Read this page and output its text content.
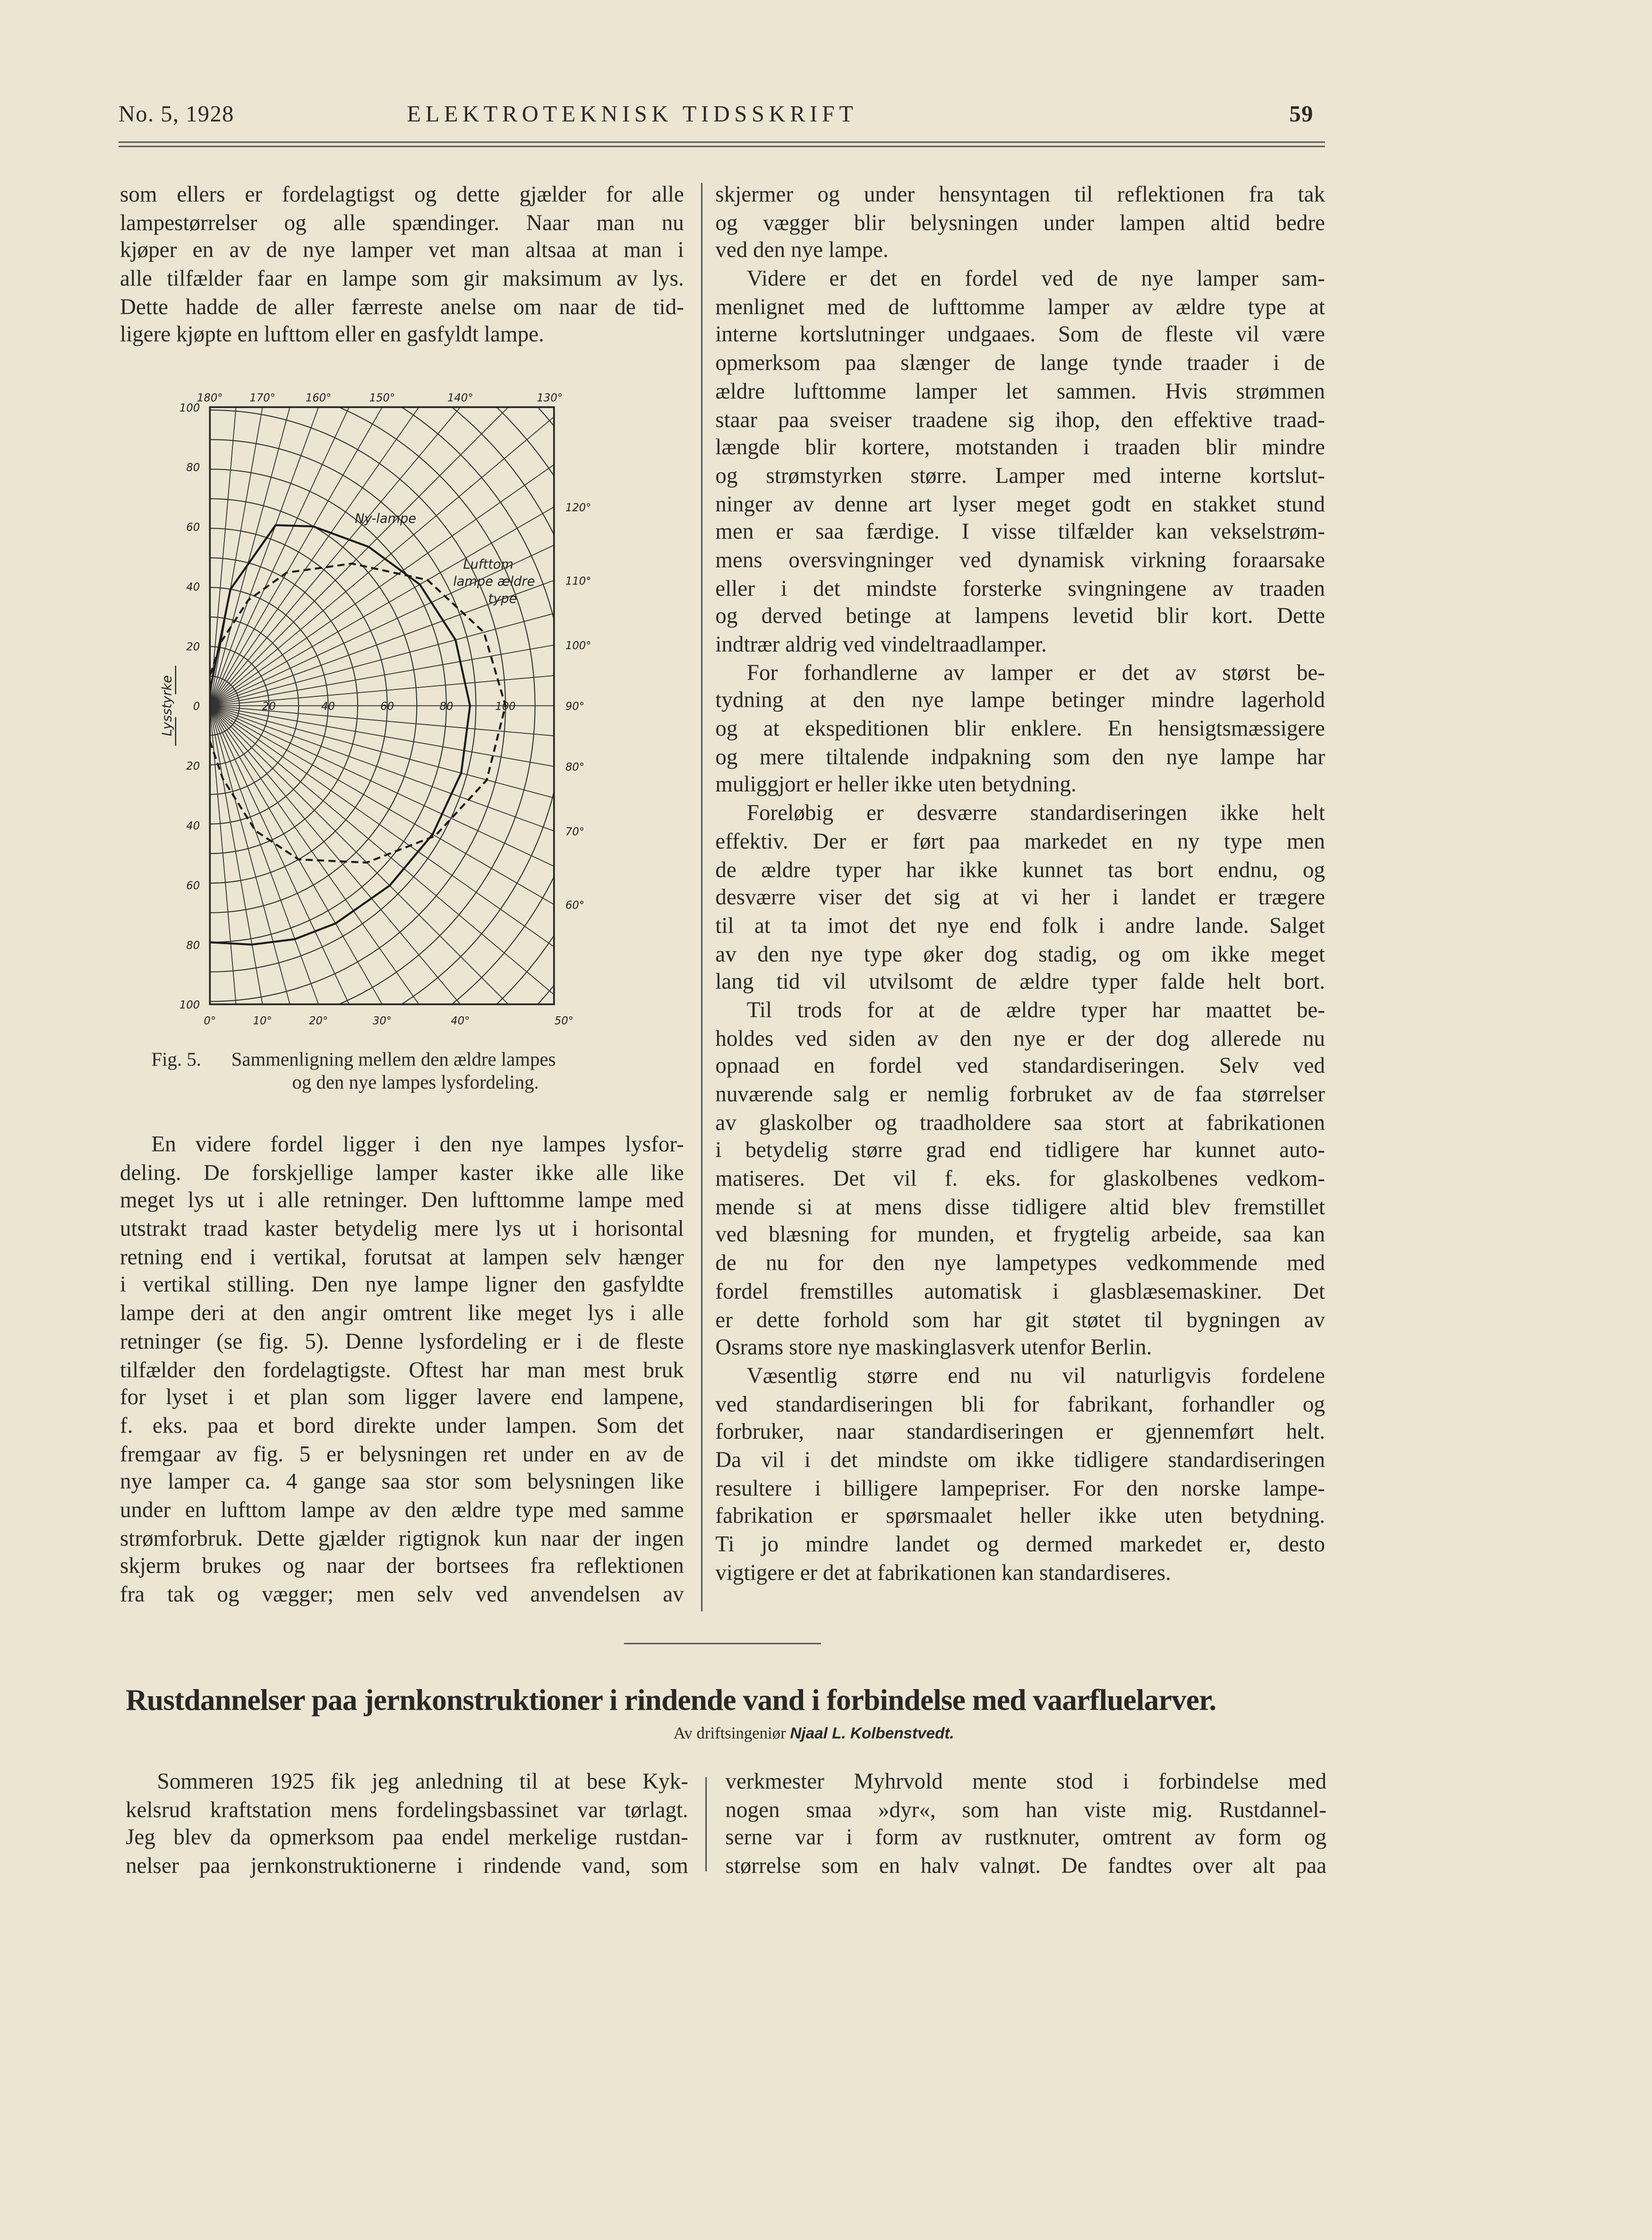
No. 5, 1928	ELEKTROTEKNISK TIDSSKRIFT	59
som ellers er fordelagtigst og dette gjælder for alle
lampestørrelser og alle spændinger. Naar man nu
kjøper en av de nye lamper vet man altsaa at man i
alle tilfælder faar en lampe som gir maksimum av lys.
Dette hadde de aller færreste anelse om naar de tid-
ligere kjøpte en lufttom eller en gasfyldt lampe.
100
80
60
40
20
0
20
40
60
80
100
20	40	60	80	100
180°	170°	160°	150°	140°	130°
120°
110°
100°
90°
80°
70°
60°
0°	10°	20°	30°	40°	50°
Lysstyrke
Ny-lampe
Lufttom
lampe ældre
type
Fig. 5.	Sammenligning mellem den ældre lampes
og den nye lampes lysfordeling.
En videre fordel ligger i den nye lampes lysfor-
deling. De forskjellige lamper kaster ikke alle like
meget lys ut i alle retninger. Den lufttomme lampe med
utstrakt traad kaster betydelig mere lys ut i horisontal
retning end i vertikal, forutsat at lampen selv hænger
i vertikal stilling. Den nye lampe ligner den gasfyldte
lampe deri at den angir omtrent like meget lys i alle
retninger (se fig. 5). Denne lysfordeling er i de fleste
tilfælder den fordelagtigste. Oftest har man mest bruk
for lyset i et plan som ligger lavere end lampene,
f. eks. paa et bord direkte under lampen. Som det
fremgaar av fig. 5 er belysningen ret under en av de
nye lamper ca. 4 gange saa stor som belysningen like
under en lufttom lampe av den ældre type med samme
strømforbruk. Dette gjælder rigtignok kun naar der ingen
skjerm brukes og naar der bortsees fra reflektionen
fra tak og vægger; men selv ved anvendelsen av
skjermer og under hensyntagen til reflektionen fra tak
og vægger blir belysningen under lampen altid bedre
ved den nye lampe.
Videre er det en fordel ved de nye lamper sam-
menlignet med de lufttomme lamper av ældre type at
interne kortslutninger undgaaes. Som de fleste vil være
opmerksom paa slænger de lange tynde traader i de
ældre lufttomme lamper let sammen. Hvis strømmen
staar paa sveiser traadene sig ihop, den effektive traad-
længde blir kortere, motstanden i traaden blir mindre
og strømstyrken større. Lamper med interne kortslut-
ninger av denne art lyser meget godt en stakket stund
men er saa færdige. I visse tilfælder kan vekselstrøm-
mens oversvingninger ved dynamisk virkning foraarsake
eller i det mindste forsterke svingningene av traaden
og derved betinge at lampens levetid blir kort. Dette
indtrær aldrig ved vindeltraadlamper.
For forhandlerne av lamper er det av størst be-
tydning at den nye lampe betinger mindre lagerhold
og at ekspeditionen blir enklere. En hensigtsmæssigere
og mere tiltalende indpakning som den nye lampe har
muliggjort er heller ikke uten betydning.
Foreløbig er desværre standardiseringen ikke helt
effektiv. Der er ført paa markedet en ny type men
de ældre typer har ikke kunnet tas bort endnu, og
desværre viser det sig at vi her i landet er trægere
til at ta imot det nye end folk i andre lande. Salget
av den nye type øker dog stadig, og om ikke meget
lang tid vil utvilsomt de ældre typer falde helt bort.
Til trods for at de ældre typer har maattet be-
holdes ved siden av den nye er der dog allerede nu
opnaad en fordel ved standardiseringen. Selv ved
nuværende salg er nemlig forbruket av de faa størrelser
av glaskolber og traadholdere saa stort at fabrikationen
i betydelig større grad end tidligere har kunnet auto-
matiseres. Det vil f. eks. for glaskolbenes vedkom-
mende si at mens disse tidligere altid blev fremstillet
ved blæsning for munden, et frygtelig arbeide, saa kan
de nu for den nye lampetypes vedkommende med
fordel fremstilles automatisk i glasblæsemaskiner. Det
er dette forhold som har git støtet til bygningen av
Osrams store nye maskinglasverk utenfor Berlin.
Væsentlig større end nu vil naturligvis fordelene
ved standardiseringen bli for fabrikant, forhandler og
forbruker, naar standardiseringen er gjennemført helt.
Da vil i det mindste om ikke tidligere standardiseringen
resultere i billigere lampepriser. For den norske lampe-
fabrikation er spørsmaalet heller ikke uten betydning.
Ti jo mindre landet og dermed markedet er, desto
vigtigere er det at fabrikationen kan standardiseres.
Rustdannelser paa jernkonstruktioner i rindende vand i forbindelse med vaarfluelarver.
Av driftsingeniør Njaal L. Kolbenstvedt.
Sommeren 1925 fik jeg anledning til at bese Kyk-
kelsrud kraftstation mens fordelingsbassinet var tørlagt.
Jeg blev da opmerksom paa endel merkelige rustdan-
nelser paa jernkonstruktionerne i rindende vand, som
verkmester Myhrvold mente stod i forbindelse med
nogen smaa »dyr«, som han viste mig. Rustdannel-
serne var i form av rustknuter, omtrent av form og
størrelse som en halv valnøt. De fandtes over alt paa
